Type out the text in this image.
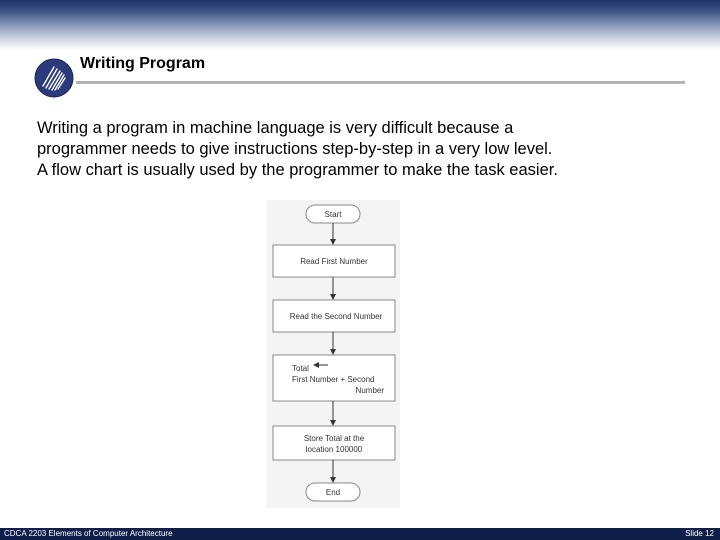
Writing Program
Writing a program in machine language is very difficult because a
programmer needs to give instructions step-by-step in a very low level.
A flow chart is usually used by the programmer to make the task easier.
Start
Read First Number
Read the Second Number
Total
First Number + Second
Number
Store Total at the
location 100000
End
CDCA 2203 Elements of Computer Architecture	Slide 12
